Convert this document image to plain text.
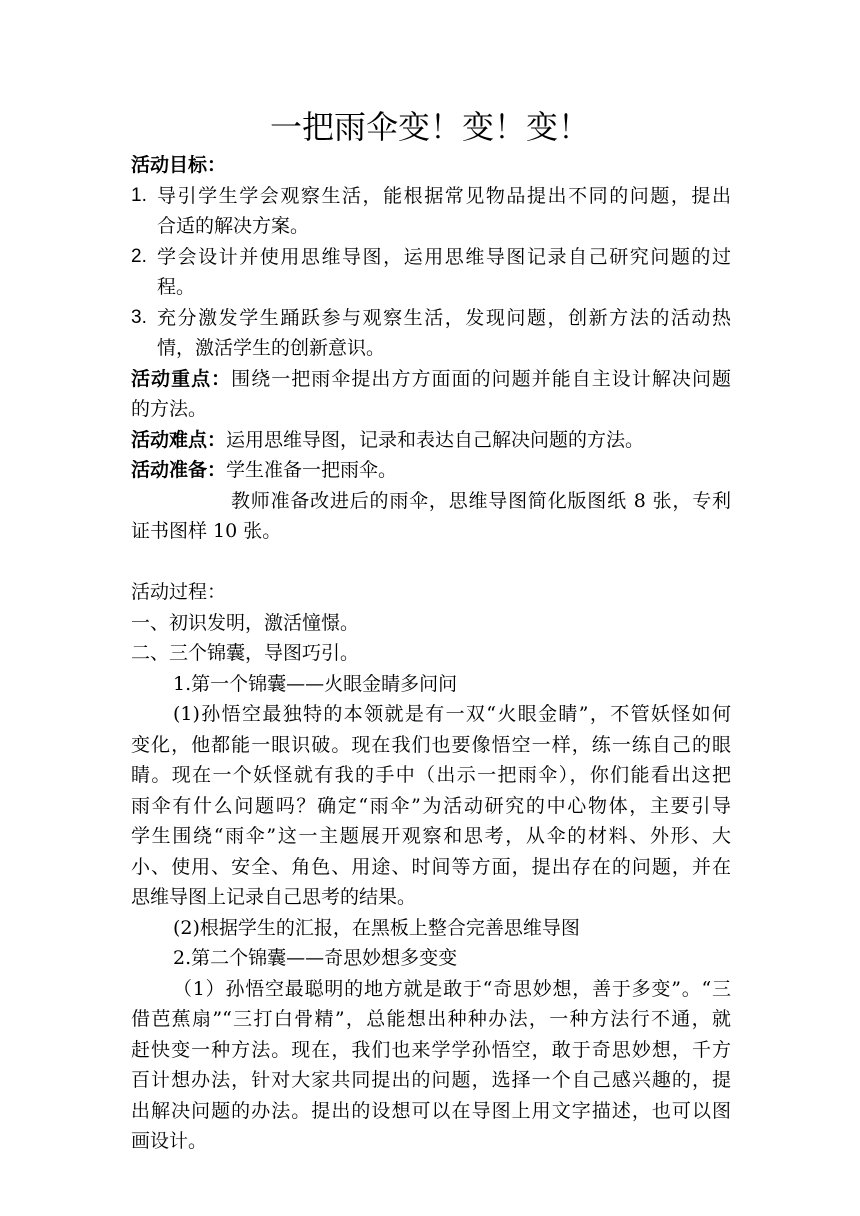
一把雨伞变！变！变！
活动目标：
1. 导引学生学会观察生活，能根据常见物品提出不同的问题，提出
合适的解决方案。
2. 学会设计并使用思维导图，运用思维导图记录自己研究问题的过
程。
3. 充分激发学生踊跃参与观察生活，发现问题，创新方法的活动热
情，激活学生的创新意识。
活动重点：围绕一把雨伞提出方方面面的问题并能自主设计解决问题
的方法。
活动难点：运用思维导图，记录和表达自己解决问题的方法。
活动准备：学生准备一把雨伞。
教师准备改进后的雨伞，思维导图简化版图纸 8 张，专利
证书图样 10 张。
活动过程：
一、初识发明，激活憧憬。
二、三个锦囊，导图巧引。
1.第一个锦囊——火眼金睛多问问
(1)孙悟空最独特的本领就是有一双“火眼金睛”，不管妖怪如何
变化，他都能一眼识破。现在我们也要像悟空一样，练一练自己的眼
睛。现在一个妖怪就有我的手中（出示一把雨伞），你们能看出这把
雨伞有什么问题吗？确定“雨伞”为活动研究的中心物体，主要引导
学生围绕“雨伞”这一主题展开观察和思考，从伞的材料、外形、大
小、使用、安全、角色、用途、时间等方面，提出存在的问题，并在
思维导图上记录自己思考的结果。
(2)根据学生的汇报，在黑板上整合完善思维导图
2.第二个锦囊——奇思妙想多变变
（1）孙悟空最聪明的地方就是敢于“奇思妙想，善于多变”。“三
借芭蕉扇”“三打白骨精”，总能想出种种办法，一种方法行不通，就
赶快变一种方法。现在，我们也来学学孙悟空，敢于奇思妙想，千方
百计想办法，针对大家共同提出的问题，选择一个自己感兴趣的，提
出解决问题的办法。提出的设想可以在导图上用文字描述，也可以图
画设计。
